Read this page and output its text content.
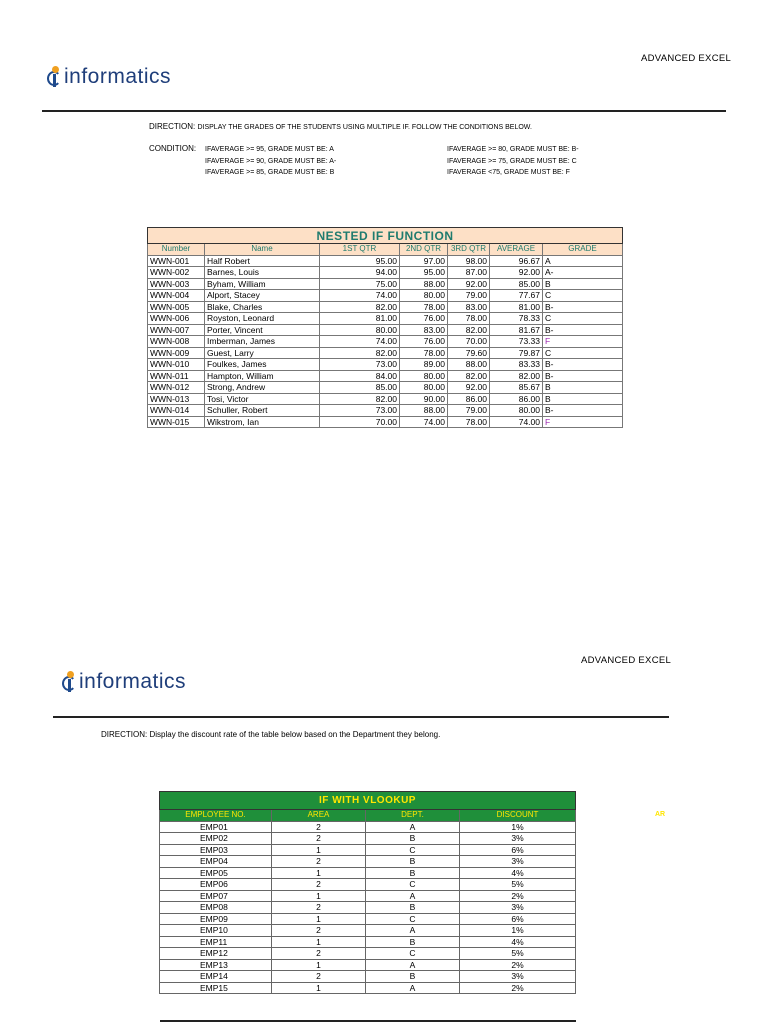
ADVANCED EXCEL
informatics
DIRECTION: DISPLAY THE GRADES OF THE STUDENTS USING MULTIPLE IF. FOLLOW THE CONDITIONS BELOW.
CONDITION: IFAVERAGE >= 95, GRADE MUST BE: A
IFAVERAGE >= 90, GRADE MUST BE: A-
IFAVERAGE >= 85, GRADE MUST BE: B
IFAVERAGE >= 80, GRADE MUST BE: B-
IFAVERAGE >= 75, GRADE MUST BE: C
IFAVERAGE <75, GRADE MUST BE: F
NESTED IF FUNCTION						
Number	Name	1ST QTR	2ND QTR	3RD QTR	AVERAGE	GRADE
WWN-001	Half Robert	95.00	97.00	98.00	96.67	A
WWN-002	Barnes, Louis	94.00	95.00	87.00	92.00	A-
WWN-003	Byham, William	75.00	88.00	92.00	85.00	B
WWN-004	Alport, Stacey	74.00	80.00	79.00	77.67	C
WWN-005	Blake, Charles	82.00	78.00	83.00	81.00	B-
WWN-006	Royston, Leonard	81.00	76.00	78.00	78.33	C
WWN-007	Porter, Vincent	80.00	83.00	82.00	81.67	B-
WWN-008	Imberman, James	74.00	76.00	70.00	73.33	F
WWN-009	Guest, Larry	82.00	78.00	79.60	79.87	C
WWN-010	Foulkes, James	73.00	89.00	88.00	83.33	B-
WWN-011	Hampton, William	84.00	80.00	82.00	82.00	B-
WWN-012	Strong, Andrew	85.00	80.00	92.00	85.67	B
WWN-013	Tosi, Victor	82.00	90.00	86.00	86.00	B
WWN-014	Schuller, Robert	73.00	88.00	79.00	80.00	B-
WWN-015	Wikstrom, Ian	70.00	74.00	78.00	74.00	F
ADVANCED EXCEL
informatics
DIRECTION: Display the discount rate of the table below based on the Department they belong.
AR
IF WITH VLOOKUP			
EMPLOYEE NO.	AREA	DEPT.	DISCOUNT
EMP01	2	A	1%
EMP02	2	B	3%
EMP03	1	C	6%
EMP04	2	B	3%
EMP05	1	B	4%
EMP06	2	C	5%
EMP07	1	A	2%
EMP08	2	B	3%
EMP09	1	C	6%
EMP10	2	A	1%
EMP11	1	B	4%
EMP12	2	C	5%
EMP13	1	A	2%
EMP14	2	B	3%
EMP15	1	A	2%
